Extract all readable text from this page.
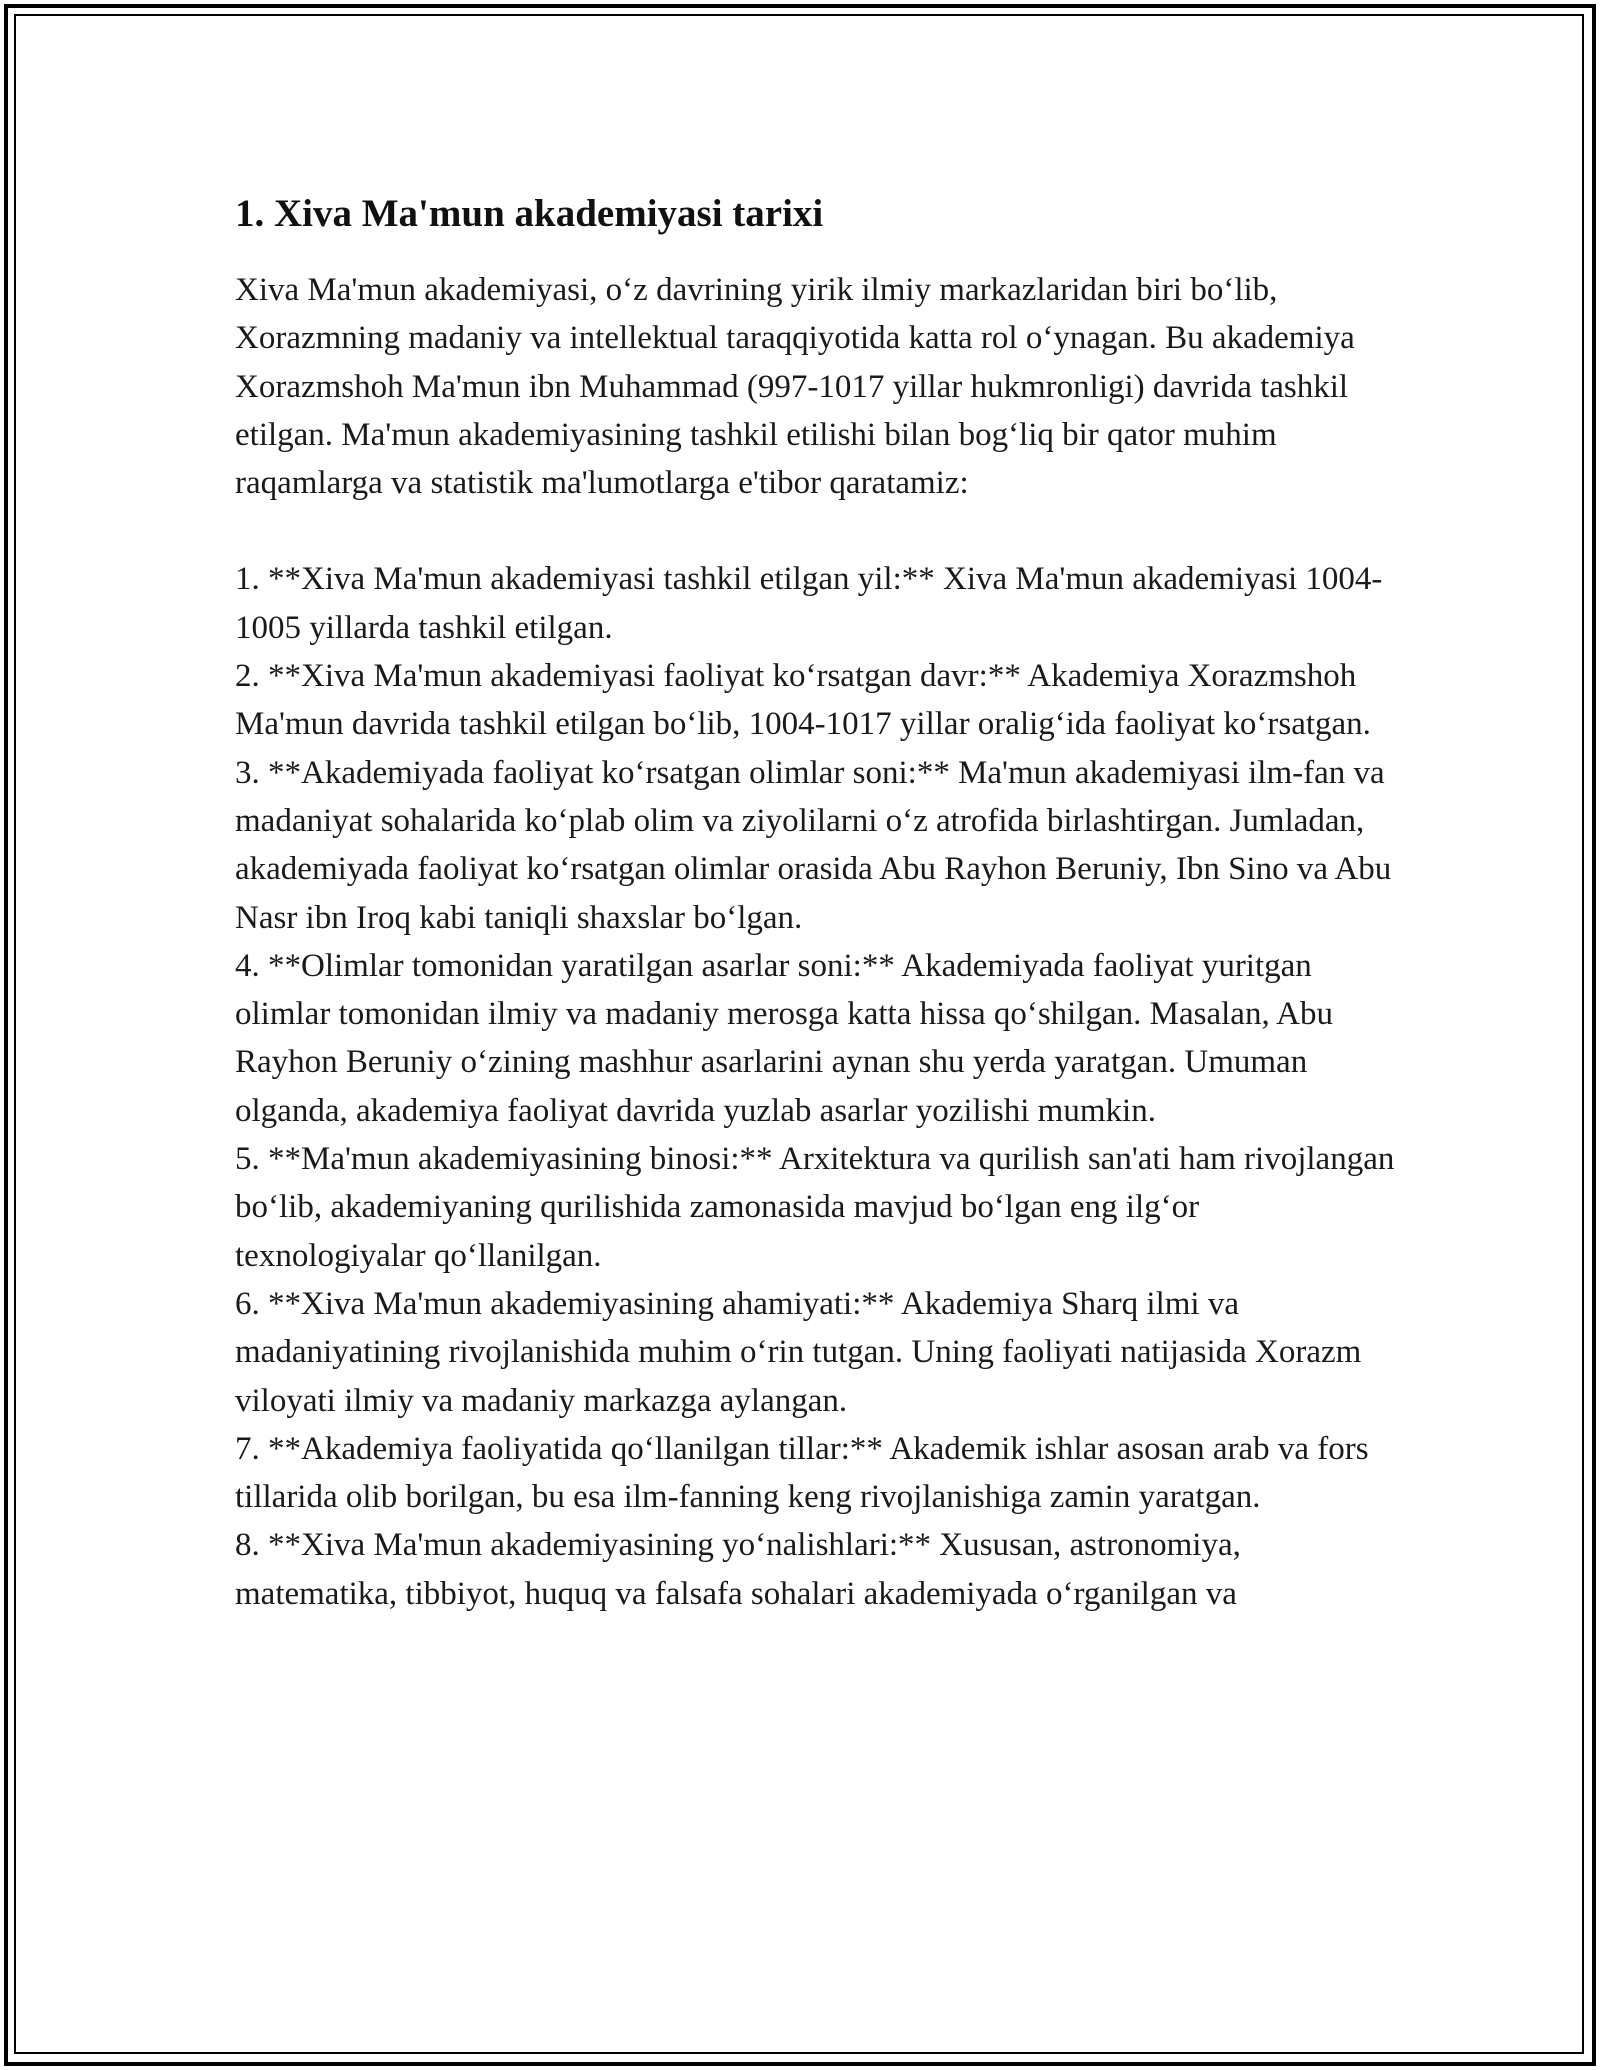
1. Xiva Ma'mun akademiyasi tarixi

Xiva Ma'mun akademiyasi, o‘z davrining yirik ilmiy markazlaridan biri bo‘lib, Xorazmning madaniy va intellektual taraqqiyotida katta rol o‘ynagan. Bu akademiya Xorazmshoh Ma'mun ibn Muhammad (997-1017 yillar hukmronligi) davrida tashkil etilgan. Ma'mun akademiyasining tashkil etilishi bilan bog‘liq bir qator muhim raqamlarga va statistik ma'lumotlarga e'tibor qaratamiz:

1. **Xiva Ma'mun akademiyasi tashkil etilgan yil:** Xiva Ma'mun akademiyasi 1004-1005 yillarda tashkil etilgan.

2. **Xiva Ma'mun akademiyasi faoliyat ko‘rsatgan davr:** Akademiya Xorazmshoh Ma'mun davrida tashkil etilgan bo‘lib, 1004-1017 yillar oralig‘ida faoliyat ko‘rsatgan.

3. **Akademiyada faoliyat ko‘rsatgan olimlar soni:** Ma'mun akademiyasi ilm-fan va madaniyat sohalarida ko‘plab olim va ziyolilarni o‘z atrofida birlashtirgan. Jumladan, akademiyada faoliyat ko‘rsatgan olimlar orasida Abu Rayhon Beruniy, Ibn Sino va Abu Nasr ibn Iroq kabi taniqli shaxslar bo‘lgan.

4. **Olimlar tomonidan yaratilgan asarlar soni:** Akademiyada faoliyat yuritgan olimlar tomonidan ilmiy va madaniy merosga katta hissa qo‘shilgan. Masalan, Abu Rayhon Beruniy o‘zining mashhur asarlarini aynan shu yerda yaratgan. Umuman olganda, akademiya faoliyat davrida yuzlab asarlar yozilishi mumkin.

5. **Ma'mun akademiyasining binosi:** Arxitektura va qurilish san'ati ham rivojlangan bo‘lib, akademiyaning qurilishida zamonasida mavjud bo‘lgan eng ilg‘or texnologiyalar qo‘llanilgan.

6. **Xiva Ma'mun akademiyasining ahamiyati:** Akademiya Sharq ilmi va madaniyatining rivojlanishida muhim o‘rin tutgan. Uning faoliyati natijasida Xorazm viloyati ilmiy va madaniy markazga aylangan.

7. **Akademiya faoliyatida qo‘llanilgan tillar:** Akademik ishlar asosan arab va fors tillarida olib borilgan, bu esa ilm-fanning keng rivojlanishiga zamin yaratgan.

8. **Xiva Ma'mun akademiyasining yo‘nalishlari:** Xususan, astronomiya, matematika, tibbiyot, huquq va falsafa sohalari akademiyada o‘rganilgan va
